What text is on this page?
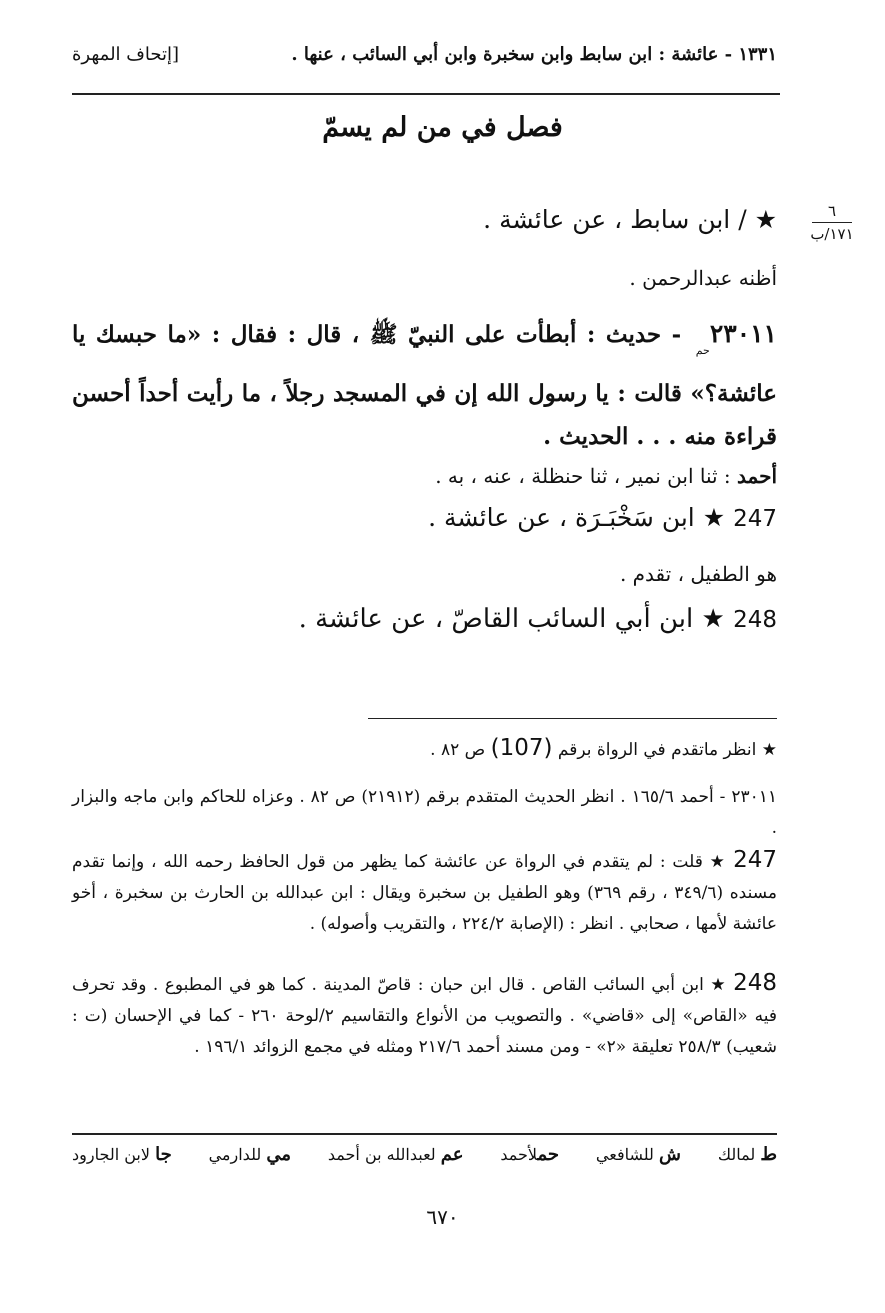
[إتحاف المهرة	١٣٣١ - عائشة : ابن سابط وابن سخبرة وابن أبي السائب ، عنها .
فصل في من لم يسمّ
٦
١٧١/ب
★ / ابن سابط ، عن عائشة .
أظنه عبدالرحمن .
$٢٣٠١١_{حم}$ - حديث : أبطأت على النبيّ ﷺ ، قال : فقال : «ما حبسك يا عائشة؟» قالت : يا رسول الله إن في المسجد رجلاً ، ما رأيت أحداً أحسن قراءة منه . . . الحديث .
أحمد : ثنا ابن نمير ، ثنا حنظلة ، عنه ، به .
247 ★ ابن سَخْبَـرَة ، عن عائشة .
هو الطفيل ، تقدم .
248 ★ ابن أبي السائب القاصّ ، عن عائشة .
★ انظر ماتقدم في الرواة برقم (107) ص ٨٢ .
٢٣٠١١ - أحمد ١٦٥/٦ . انظر الحديث المتقدم برقم (٢١٩١٢) ص ٨٢ . وعزاه للحاكم وابن ماجه والبزار .
247 ★ قلت : لم يتقدم في الرواة عن عائشة كما يظهر من قول الحافظ رحمه الله ، وإنما تقدم مسنده (٣٤٩/٦ ، رقم ٣٦٩) وهو الطفيل بن سخبرة ويقال : ابن عبدالله بن الحارث بن سخبرة ، أخو عائشة لأمها ، صحابي . انظر : (الإصابة ٢٢٤/٢ ، والتقريب وأصوله) .
248 ★ ابن أبي السائب القاص . قال ابن حبان : قاصّ المدينة . كما هو في المطبوع . وقد تحرف فيه «القاص» إلى «قاضي» . والتصويب من الأنواع والتقاسيم ٢/لوحة ٢٦٠ - كما في الإحسان (ت : شعيب) ٢٥٨/٣ تعليقة «٢» - ومن مسند أحمد ٢١٧/٦ ومثله في مجمع الزوائد ١٩٦/١ .
ط لمالك
ش للشافعي
حملأحمد
عم لعبدالله بن أحمد
مي للدارمي
جا لابن الجارود
٦٧٠
